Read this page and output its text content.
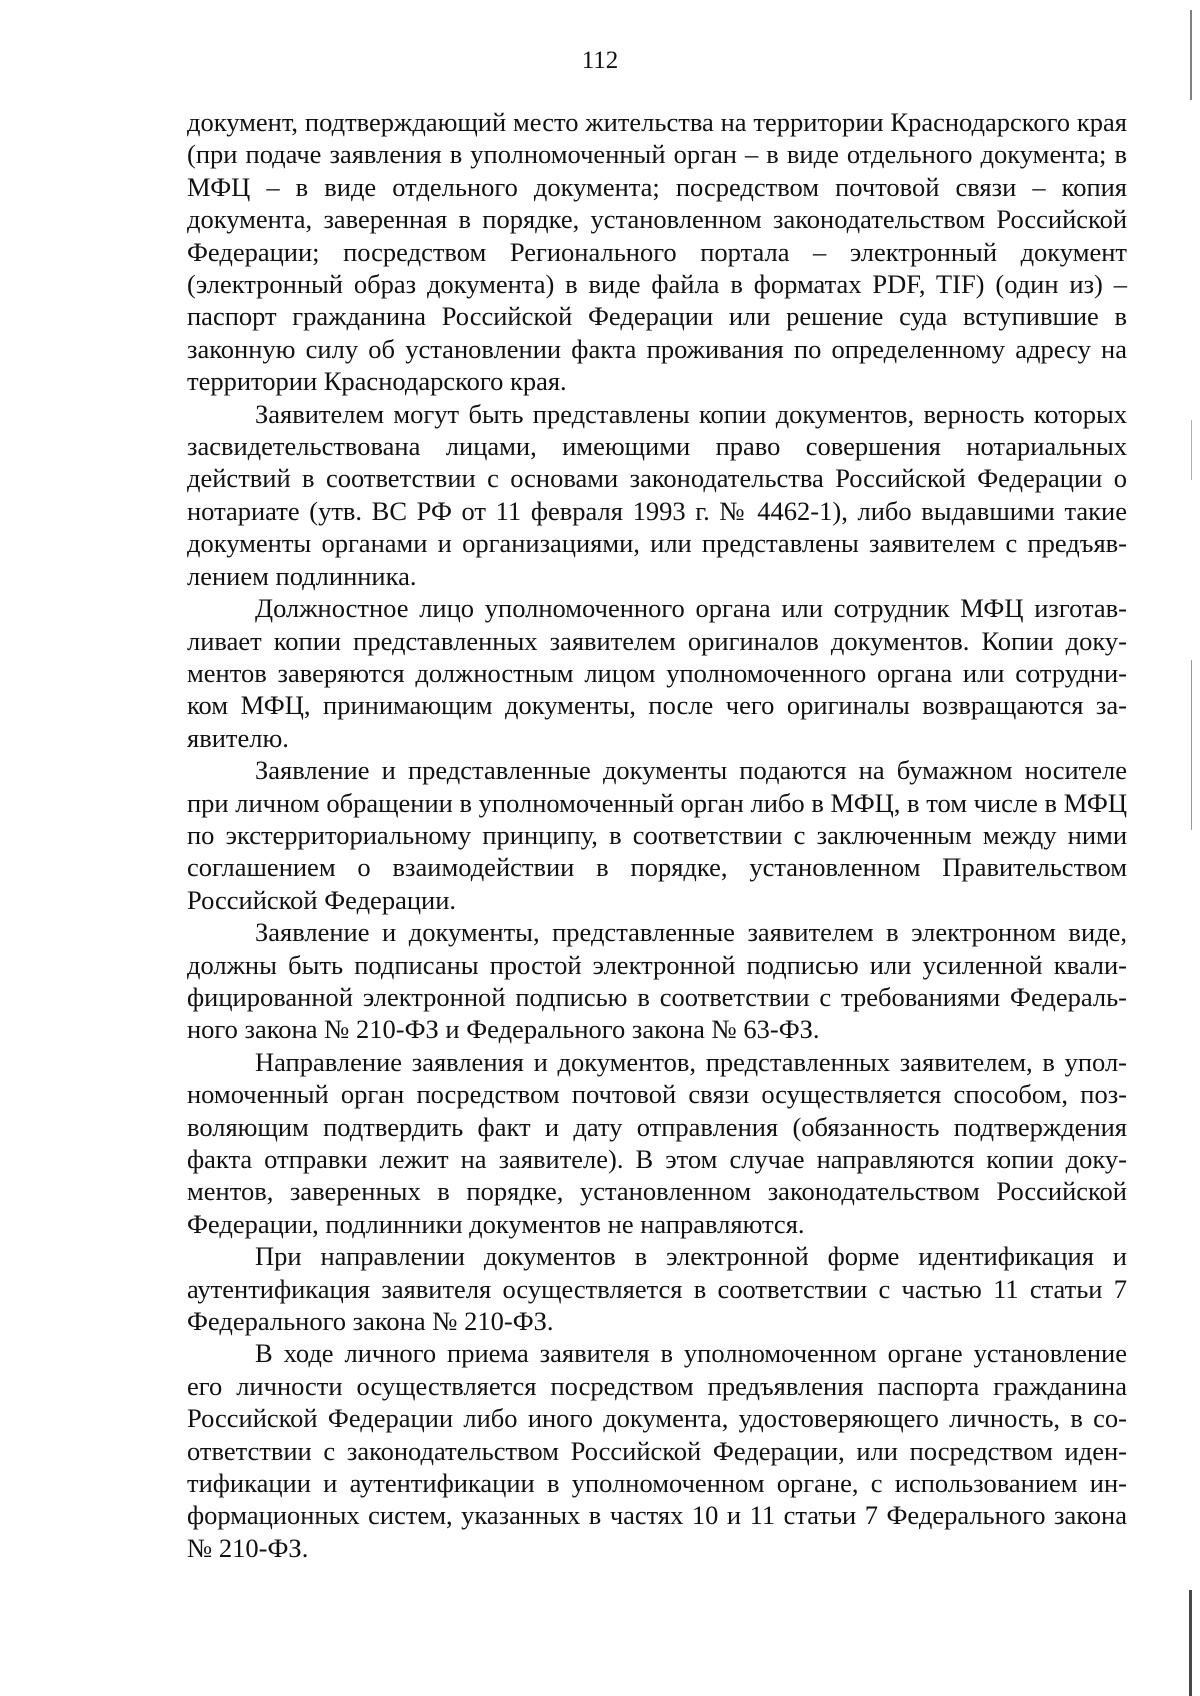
112

документ, подтверждающий место жительства на территории Краснодарского края (при подаче заявления в уполномоченный орган – в виде отдельного документа; в МФЦ – в виде отдельного документа; посредством почтовой связи – копия документа, заверенная в порядке, установленном законодательством Российской Федерации; посредством Регионального портала – электронный документ (электронный образ документа) в виде файла в форматах PDF, TIF) (один из) – паспорт гражданина Российской Федерации или решение суда вступившие в законную силу об установлении факта проживания по определенному адресу на территории Краснодарского края.

Заявителем могут быть представлены копии документов, верность которых засвидетельствована лицами, имеющими право совершения нотариальных действий в соответствии с основами законодательства Российской Федерации о нотариате (утв. ВС РФ от 11 февраля 1993 г. № 4462-1), либо выдавшими такие документы органами и организациями, или представлены заявителем с предъявлением подлинника.

Должностное лицо уполномоченного органа или сотрудник МФЦ изготавливает копии представленных заявителем оригиналов документов. Копии документов заверяются должностным лицом уполномоченного органа или сотрудником МФЦ, принимающим документы, после чего оригиналы возвращаются заявителю.

Заявление и представленные документы подаются на бумажном носителе при личном обращении в уполномоченный орган либо в МФЦ, в том числе в МФЦ по экстерриториальному принципу, в соответствии с заключенным между ними соглашением о взаимодействии в порядке, установленном Правительством Российской Федерации.

Заявление и документы, представленные заявителем в электронном виде, должны быть подписаны простой электронной подписью или усиленной квалифицированной электронной подписью в соответствии с требованиями Федерального закона № 210-ФЗ и Федерального закона № 63-ФЗ.

Направление заявления и документов, представленных заявителем, в уполномоченный орган посредством почтовой связи осуществляется способом, позволяющим подтвердить факт и дату отправления (обязанность подтверждения факта отправки лежит на заявителе). В этом случае направляются копии документов, заверенных в порядке, установленном законодательством Российской Федерации, подлинники документов не направляются.

При направлении документов в электронной форме идентификация и аутентификация заявителя осуществляется в соответствии с частью 11 статьи 7 Федерального закона № 210-ФЗ.

В ходе личного приема заявителя в уполномоченном органе установление его личности осуществляется посредством предъявления паспорта гражданина Российской Федерации либо иного документа, удостоверяющего личность, в соответствии с законодательством Российской Федерации, или посредством идентификации и аутентификации в уполномоченном органе, с использованием информационных систем, указанных в частях 10 и 11 статьи 7 Федерального закона № 210-ФЗ.
